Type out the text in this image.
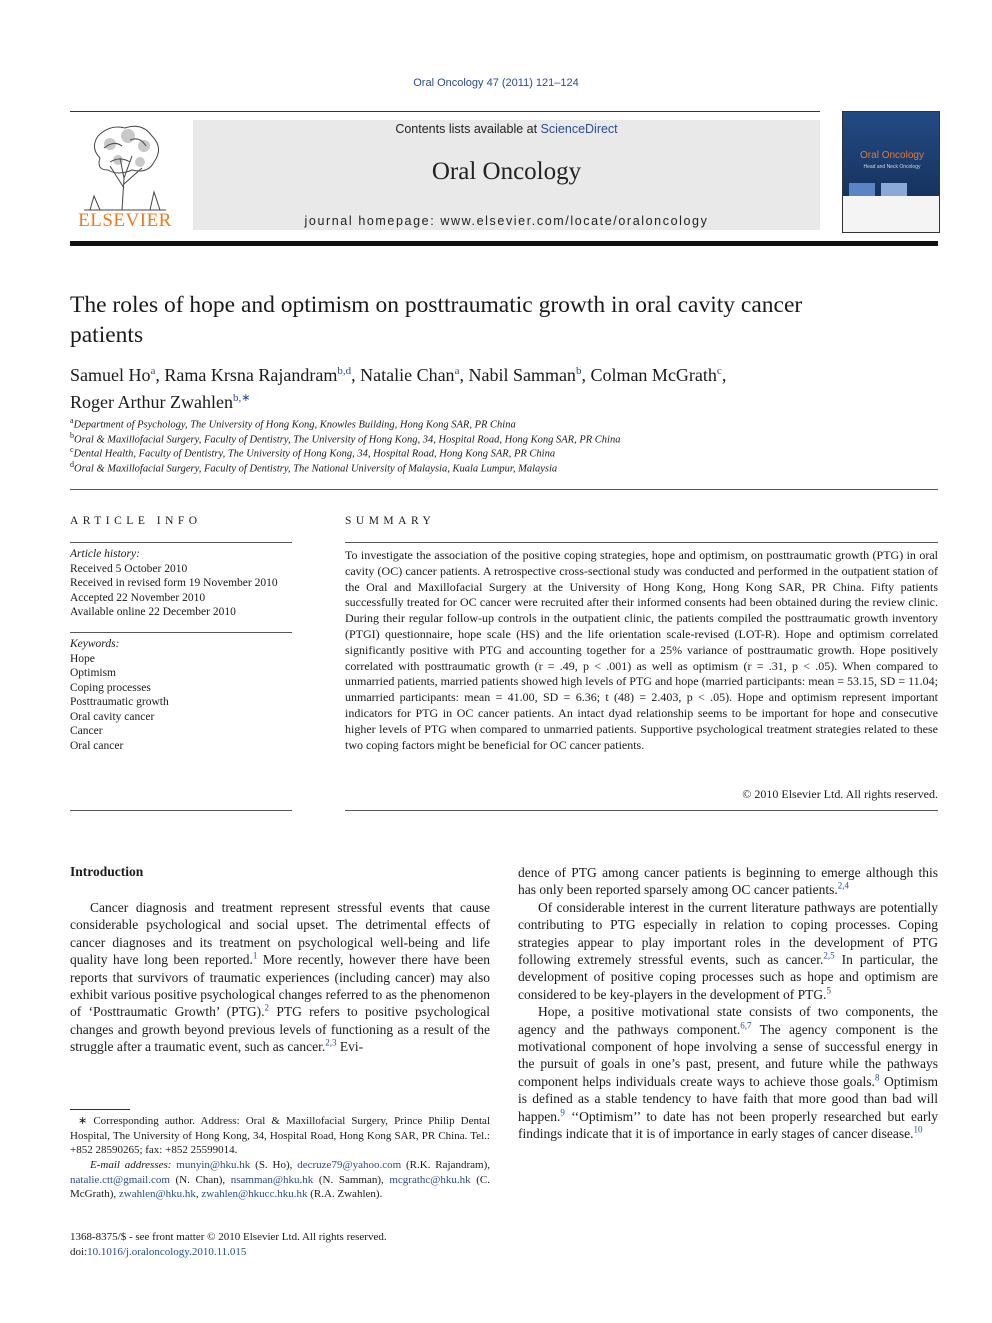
Oral Oncology 47 (2011) 121–124
ELSEVIER
Contents lists available at ScienceDirect
Oral Oncology
journal homepage: www.elsevier.com/locate/oraloncology
Oral Oncology
Head and Neck Oncology

The roles of hope and optimism on posttraumatic growth in oral cavity cancer patients
Samuel Ho$^a$, Rama Krsna Rajandram$^{b,d}$, Natalie Chan$^a$, Nabil Samman$^b$, Colman McGrath$^c$,
Roger Arthur Zwahlen$^{b,∗}$
$^a$Department of Psychology, The University of Hong Kong, Knowles Building, Hong Kong SAR, PR China
$^b$Oral & Maxillofacial Surgery, Faculty of Dentistry, The University of Hong Kong, 34, Hospital Road, Hong Kong SAR, PR China
$^c$Dental Health, Faculty of Dentistry, The University of Hong Kong, 34, Hospital Road, Hong Kong SAR, PR China
$^d$Oral & Maxillofacial Surgery, Faculty of Dentistry, The National University of Malaysia, Kuala Lumpur, Malaysia
ARTICLE INFO
Article history:
Received 5 October 2010
Received in revised form 19 November 2010
Accepted 22 November 2010
Available online 22 December 2010
Keywords:
Hope
Optimism
Coping processes
Posttraumatic growth
Oral cavity cancer
Cancer
Oral cancer
SUMMARY
To investigate the association of the positive coping strategies, hope and optimism, on posttraumatic growth (PTG) in oral cavity (OC) cancer patients. A retrospective cross-sectional study was conducted and performed in the outpatient station of the Oral and Maxillofacial Surgery at the University of Hong Kong, Hong Kong SAR, PR China. Fifty patients successfully treated for OC cancer were recruited after their informed consents had been obtained during the review clinic. During their regular follow-up controls in the outpatient clinic, the patients compiled the posttraumatic growth inventory (PTGI) questionnaire, hope scale (HS) and the life orientation scale-revised (LOT-R). Hope and optimism correlated significantly positive with PTG and accounting together for a 25% variance of posttraumatic growth. Hope positively correlated with posttraumatic growth (r = .49, p < .001) as well as optimism (r = .31, p < .05). When compared to unmarried patients, married patients showed high levels of PTG and hope (married participants: mean = 53.15, SD = 11.04; unmarried participants: mean = 41.00, SD = 6.36; t (48) = 2.403, p < .05). Hope and optimism represent important indicators for PTG in OC cancer patients. An intact dyad relationship seems to be important for hope and consecutive higher levels of PTG when compared to unmarried patients. Supportive psychological treatment strategies related to these two coping factors might be beneficial for OC cancer patients.
© 2010 Elsevier Ltd. All rights reserved.
Introduction

Cancer diagnosis and treatment represent stressful events that cause considerable psychological and social upset. The detrimental effects of cancer diagnoses and its treatment on psychological well-being and life quality have long been reported.$^1$ More recently, however there have been reports that survivors of traumatic experiences (including cancer) may also exhibit various positive psychological changes referred to as the phenomenon of ‘Posttraumatic Growth’ (PTG).$^2$ PTG refers to positive psychological changes and growth beyond previous levels of functioning as a result of the struggle after a traumatic event, such as cancer.$^{2,3}$ Evi-

dence of PTG among cancer patients is beginning to emerge although this has only been reported sparsely among OC cancer patients.$^{2,4}$

Of considerable interest in the current literature pathways are potentially contributing to PTG especially in relation to coping processes. Coping strategies appear to play important roles in the development of PTG following extremely stressful events, such as cancer.$^{2,5}$ In particular, the development of positive coping processes such as hope and optimism are considered to be key-players in the development of PTG.$^5$

Hope, a positive motivational state consists of two components, the agency and the pathways component.$^{6,7}$ The agency component is the motivational component of hope involving a sense of successful energy in the pursuit of goals in one’s past, present, and future while the pathways component helps individuals create ways to achieve those goals.$^8$ Optimism is defined as a stable tendency to have faith that more good than bad will happen.$^9$ ‘‘Optimism’’ to date has not been properly researched but early findings indicate that it is of importance in early stages of cancer disease.$^{10}$

∗ Corresponding author. Address: Oral & Maxillofacial Surgery, Prince Philip Dental Hospital, The University of Hong Kong, 34, Hospital Road, Hong Kong SAR, PR China. Tel.: +852 28590265; fax: +852 25599014.
E-mail addresses: munyin@hku.hk (S. Ho), decruze79@yahoo.com (R.K. Rajandram), natalie.ctt@gmail.com (N. Chan), nsamman@hku.hk (N. Samman), mcgrathc@hku.hk (C. McGrath), zwahlen@hku.hk, zwahlen@hkucc.hku.hk (R.A. Zwahlen).
1368-8375/$ - see front matter © 2010 Elsevier Ltd. All rights reserved.
doi:10.1016/j.oraloncology.2010.11.015
